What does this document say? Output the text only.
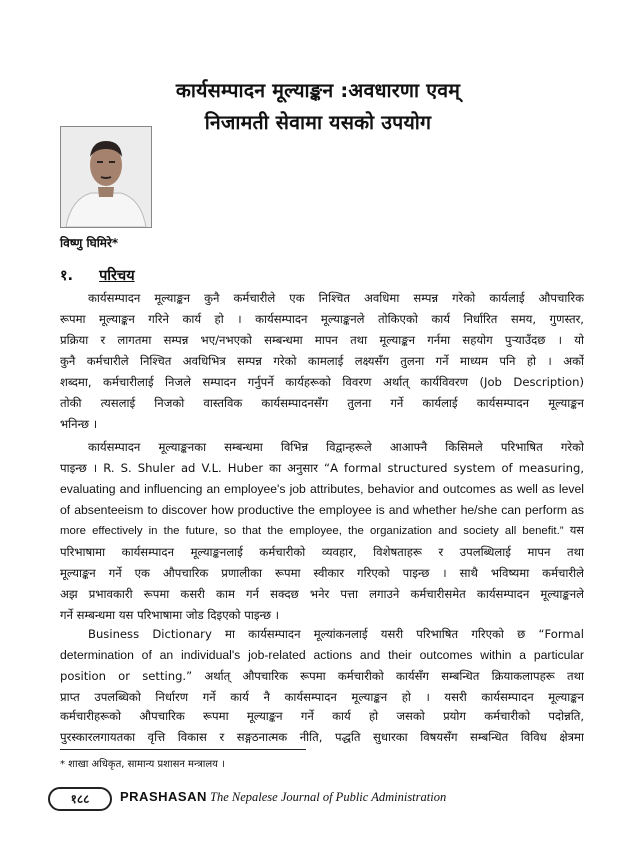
कार्यसम्पादन मूल्याङ्कन :अवधारणा एवम्
निजामती सेवामा यसको उपयोग
विष्णु घिमिरे*
१. परिचय
कार्यसम्पादन मूल्याङ्कन कुनै कर्मचारीले एक निश्चित अवधिमा सम्पन्न गरेको कार्यलाई औपचारिक
रूपमा मूल्याङ्कन गरिने कार्य हो । कार्यसम्पादन मूल्याङ्कनले तोकिएको कार्य निर्धारित समय, गुणस्तर,
प्रक्रिया र लागतमा सम्पन्न भए/नभएको सम्बन्धमा मापन तथा मूल्याङ्कन गर्नमा सहयोग पुऱ्याउँदछ । यो
कुनै कर्मचारीले निश्चित अवधिभित्र सम्पन्न गरेको कामलाई लक्ष्यसँग तुलना गर्ने माध्यम पनि हो । अर्को
शब्दमा, कर्मचारीलाई निजले सम्पादन गर्नुपर्ने कार्यहरूको विवरण अर्थात् कार्यविवरण (Job Description)
तोकी त्यसलाई निजको वास्तविक कार्यसम्पादनसँग तुलना गर्ने कार्यलाई कार्यसम्पादन मूल्याङ्कन
भनिन्छ ।
कार्यसम्पादन मूल्याङ्कनका सम्बन्धमा विभिन्न विद्वान्हरूले आआफ्नै किसिमले परिभाषित गरेको
पाइन्छ । R. S. Shuler ad V.L. Huber का अनुसार “A formal structured system of measuring,
evaluating and influencing an employee's job attributes, behavior and outcomes as well as level
of absenteeism to discover how productive the employee is and whether he/she can perform as
more effectively in the future, so that the employee, the organization and society all benefit.” यस
परिभाषामा कार्यसम्पादन मूल्याङ्कनलाई कर्मचारीको व्यवहार, विशेषताहरू र उपलब्धिलाई मापन तथा
मूल्याङ्कन गर्ने एक औपचारिक प्रणालीका रूपमा स्वीकार गरिएको पाइन्छ । साथै भविष्यमा कर्मचारीले
अझ प्रभावकारी रूपमा कसरी काम गर्न सक्दछ भनेर पत्ता लगाउने कर्मचारीसमेत कार्यसम्पादन मूल्याङ्कनले
गर्ने सम्बन्धमा यस परिभाषामा जोड दिइएको पाइन्छ ।
Business Dictionary मा कार्यसम्पादन मूल्यांकनलाई यसरी परिभाषित गरिएको छ “Formal
determination of an individual's job-related actions and their outcomes within a particular
position or setting.” अर्थात् औपचारिक रूपमा कर्मचारीको कार्यसँग सम्बन्धित क्रियाकलापहरू तथा
प्राप्त उपलब्धिको निर्धारण गर्ने कार्य नै कार्यसम्पादन मूल्याङ्कन हो । यसरी कार्यसम्पादन मूल्याङ्कन
कर्मचारीहरूको औपचारिक रूपमा मूल्याङ्कन गर्ने कार्य हो जसको प्रयोग कर्मचारीको पदोन्नति,
पुरस्कारलगायतका वृत्ति विकास र सङ्गठनात्मक नीति, पद्धति सुधारका विषयसँग सम्बन्धित विविध क्षेत्रमा
* शाखा अधिकृत, सामान्य प्रशासन मन्त्रालय ।
१८८	PRASHASAN The Nepalese Journal of Public Administration
